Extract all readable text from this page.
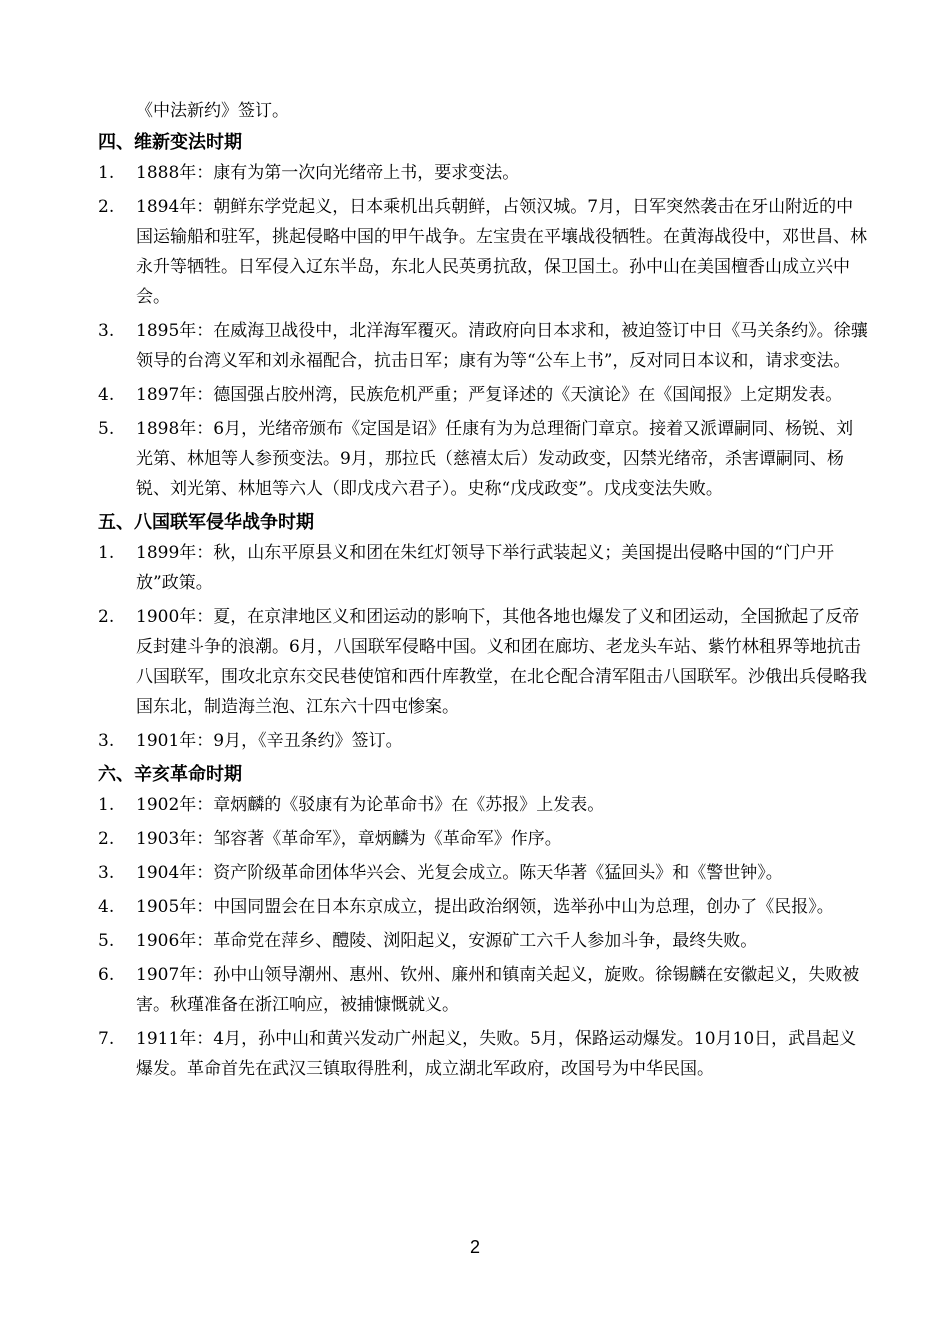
《中法新约》签订。
四、维新变法时期
1. 1888年：康有为第一次向光绪帝上书，要求变法。
2. 1894年：朝鲜东学党起义，日本乘机出兵朝鲜，占领汉城。7月，日军突然袭击在牙山附近的中国运输船和驻军，挑起侵略中国的甲午战争。左宝贵在平壤战役牺牲。在黄海战役中，邓世昌、林永升等牺牲。日军侵入辽东半岛，东北人民英勇抗敌，保卫国土。孙中山在美国檀香山成立兴中会。
3. 1895年：在威海卫战役中，北洋海军覆灭。清政府向日本求和，被迫签订中日《马关条约》。徐骧领导的台湾义军和刘永福配合，抗击日军；康有为等“公车上书”，反对同日本议和，请求变法。
4. 1897年：德国强占胶州湾，民族危机严重；严复译述的《天演论》在《国闻报》上定期发表。
5. 1898年：6月，光绪帝颁布《定国是诏》任康有为为总理衙门章京。接着又派谭嗣同、杨锐、刘光第、林旭等人参预变法。9月，那拉氏（慈禧太后）发动政变，囚禁光绪帝，杀害谭嗣同、杨锐、刘光第、林旭等六人（即戊戌六君子）。史称“戊戌政变”。戊戌变法失败。
五、八国联军侵华战争时期
1. 1899年：秋，山东平原县义和团在朱红灯领导下举行武装起义；美国提出侵略中国的“门户开放”政策。
2. 1900年：夏，在京津地区义和团运动的影响下，其他各地也爆发了义和团运动，全国掀起了反帝反封建斗争的浪潮。6月，八国联军侵略中国。义和团在廊坊、老龙头车站、紫竹林租界等地抗击八国联军，围攻北京东交民巷使馆和西什库教堂，在北仑配合清军阻击八国联军。沙俄出兵侵略我国东北，制造海兰泡、江东六十四屯惨案。
3. 1901年：9月，《辛丑条约》签订。
六、辛亥革命时期
1. 1902年：章炳麟的《驳康有为论革命书》在《苏报》上发表。
2. 1903年：邹容著《革命军》，章炳麟为《革命军》作序。
3.	1904年：资产阶级革命团体华兴会、光复会成立。陈天华著《猛回头》和《警世钟》。
4. 1905年：中国同盟会在日本东京成立，提出政治纲领，选举孙中山为总理，创办了《民报》。
5. 1906年：革命党在萍乡、醴陵、浏阳起义，安源矿工六千人参加斗争，最终失败。
6. 1907年：孙中山领导潮州、惠州、钦州、廉州和镇南关起义，旋败。徐锡麟在安徽起义，失败被害。秋瑾准备在浙江响应，被捕慷慨就义。
7. 1911年：4月，孙中山和黄兴发动广州起义，失败。5月，保路运动爆发。10月10日，武昌起义爆发。革命首先在武汉三镇取得胜利，成立湖北军政府，改国号为中华民国。
2
